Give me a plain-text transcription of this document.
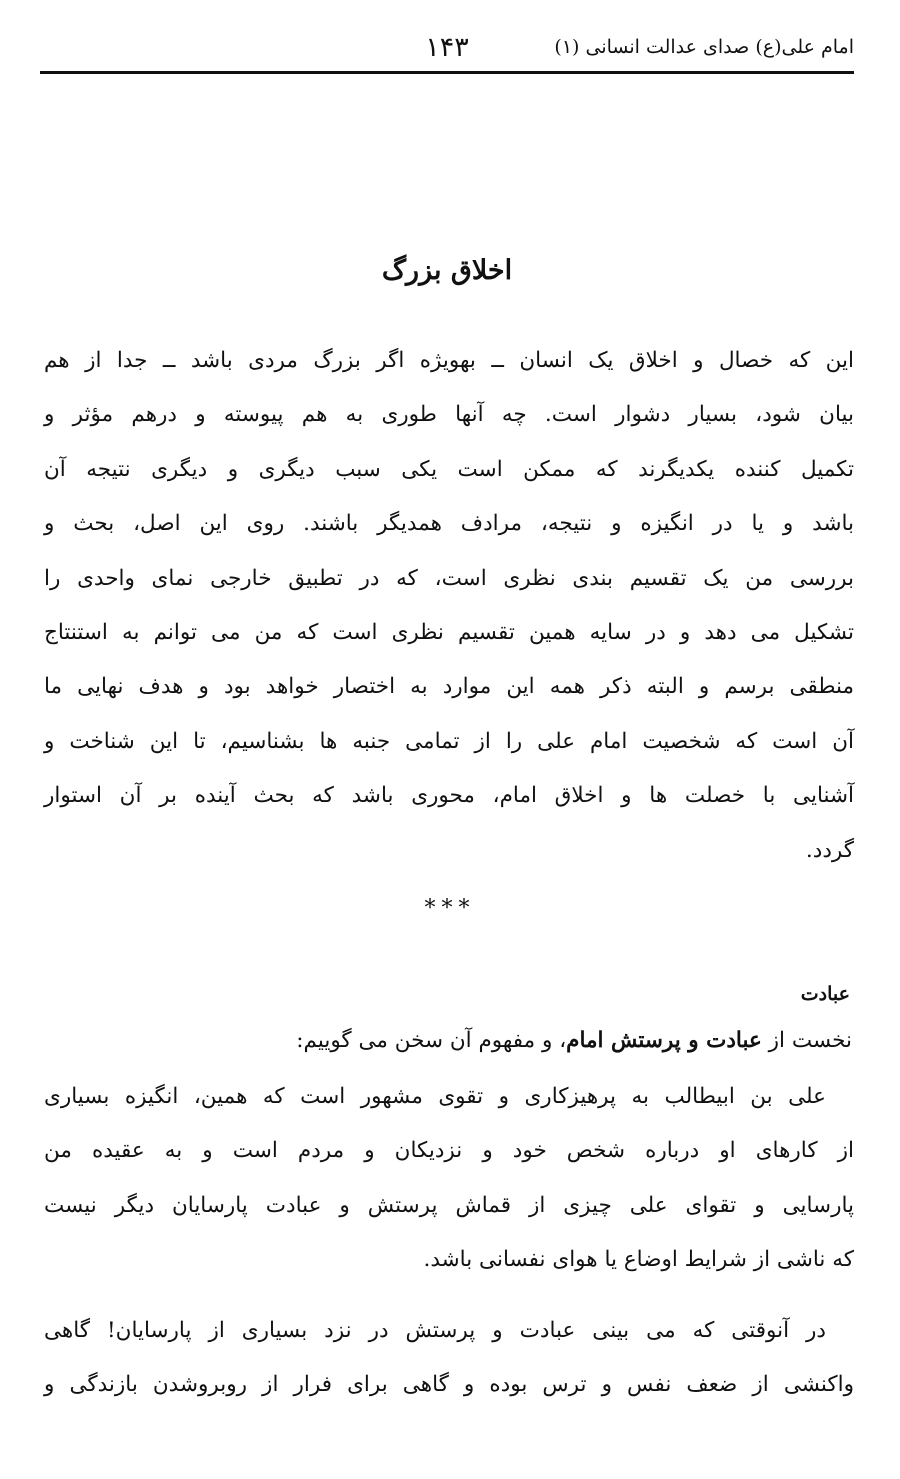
امام علی(ع) صدای عدالت انسانی (۱)
۱۴۳
اخلاق بزرگ

این که خصال و اخلاق یک انسان ــ بهویژه اگر بزرگ مردی باشد ــ جدا از هم
بیان شود، بسیار دشوار است. چه آنها طوری به هم پیوسته و درهم مؤثر و
تکمیل کننده یکدیگرند که ممکن است یکی سبب دیگری و دیگری نتیجه آن
باشد و یا در انگیزه و نتیجه، مرادف همدیگر باشند. روی این اصل، بحث و
بررسی من یک تقسیم بندی نظری است، که در تطبیق خارجی نمای واحدی را
تشکیل می دهد و در سایه همین تقسیم نظری است که من می توانم به استنتاج
منطقی برسم و البته ذکر همه این موارد به اختصار خواهد بود و هدف نهایی ما
آن است که شخصیت امام علی را از تمامی جنبه ها بشناسیم، تا این شناخت و
آشنایی با خصلت ها و اخلاق امام، محوری باشد که بحث آینده بر آن استوار
گردد.

***
عبادت

نخست از عبادت و پرستش امام، و مفهوم آن سخن می گوییم:

علی بن ابیطالب به پرهیزکاری و تقوی مشهور است که همین، انگیزه بسیاری
از کارهای او درباره شخص خود و نزدیکان و مردم است و به عقیده من
پارسایی و تقوای علی چیزی از قماش پرستش و عبادت پارسایان دیگر نیست
که ناشی از شرایط اوضاع یا هوای نفسانی باشد.

در آنوقتی که می بینی عبادت و پرستش در نزد بسیاری از پارسایان! گاهی
واکنشی از ضعف نفس و ترس بوده و گاهی برای فرار از روبروشدن بازندگی و
